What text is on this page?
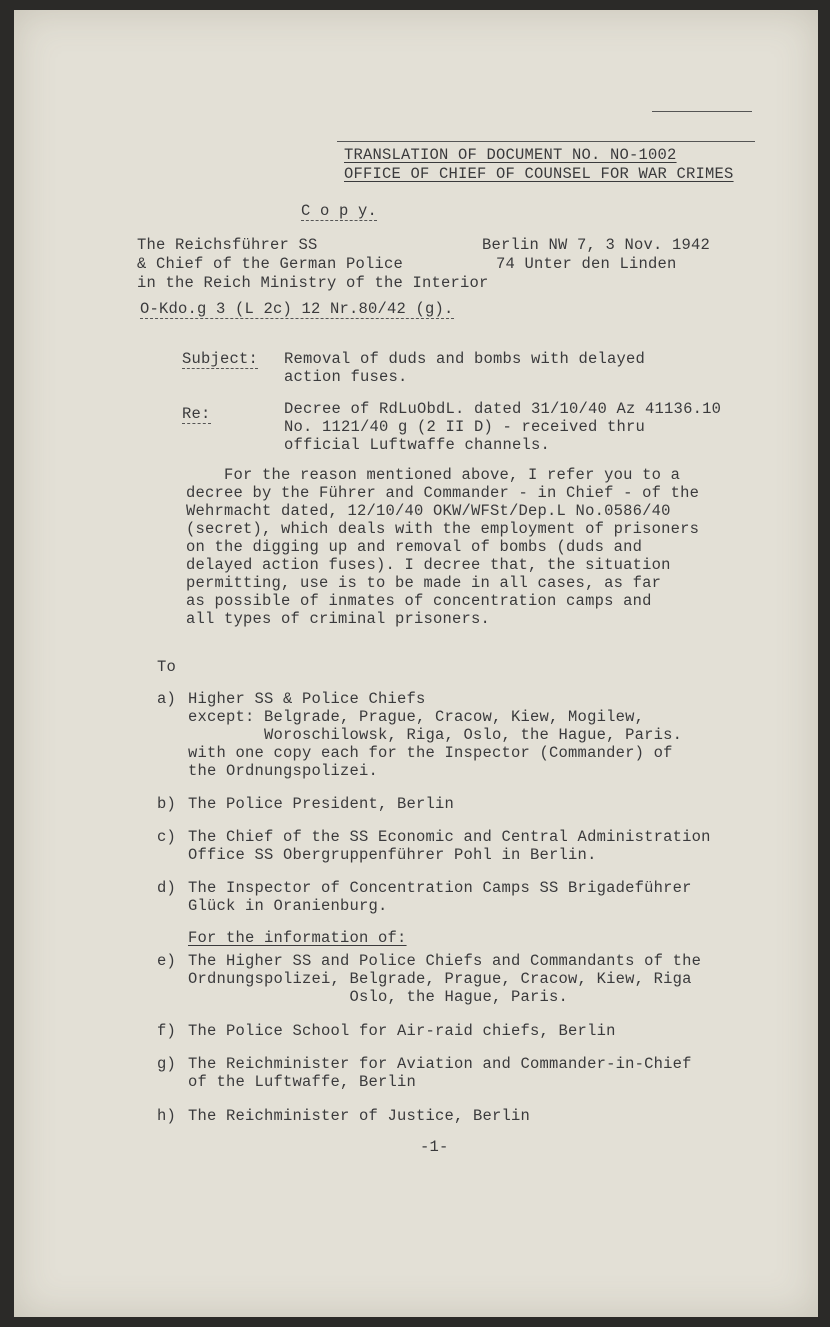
TRANSLATION OF DOCUMENT NO. NO-1002
OFFICE OF CHIEF OF COUNSEL FOR WAR CRIMES
C o p y.
The Reichsführer SS
& Chief of the German Police
in the Reich Ministry of the Interior
Berlin NW 7, 3 Nov. 1942
74 Unter den Linden
O-Kdo.g 3 (L 2c) 12 Nr.80/42 (g).
Subject: Removal of duds and bombs with delayed
action fuses.
Re:	Decree of RdLuObdL. dated 31/10/40 Az 41136.10
No. 1121/40 g (2 II D) - received thru
official Luftwaffe channels.
For the reason mentioned above, I refer you to a
decree by the Führer and Commander - in Chief - of the
Wehrmacht dated, 12/10/40 OKW/WFSt/Dep.L No.0586/40
(secret), which deals with the employment of prisoners
on the digging up and removal of bombs (duds and
delayed action fuses). I decree that, the situation
permitting, use is to be made in all cases, as far
as possible of inmates of concentration camps and
all types of criminal prisoners.
To
a) Higher SS & Police Chiefs
except: Belgrade, Prague, Cracow, Kiew, Mogilew,
Woroschilowsk, Riga, Oslo, the Hague, Paris.
with one copy each for the Inspector (Commander) of
the Ordnungspolizei.
b) The Police President, Berlin
c) The Chief of the SS Economic and Central Administration
Office SS Obergruppenführer Pohl in Berlin.
d) The Inspector of Concentration Camps SS Brigadeführer
Glück in Oranienburg.
For the information of:
e) The Higher SS and Police Chiefs and Commandants of the
Ordnungspolizei, Belgrade, Prague, Cracow, Kiew, Riga
Oslo, the Hague, Paris.
f) The Police School for Air-raid chiefs, Berlin
g) The Reichminister for Aviation and Commander-in-Chief
of the Luftwaffe, Berlin
h) The Reichminister of Justice, Berlin
-1-
